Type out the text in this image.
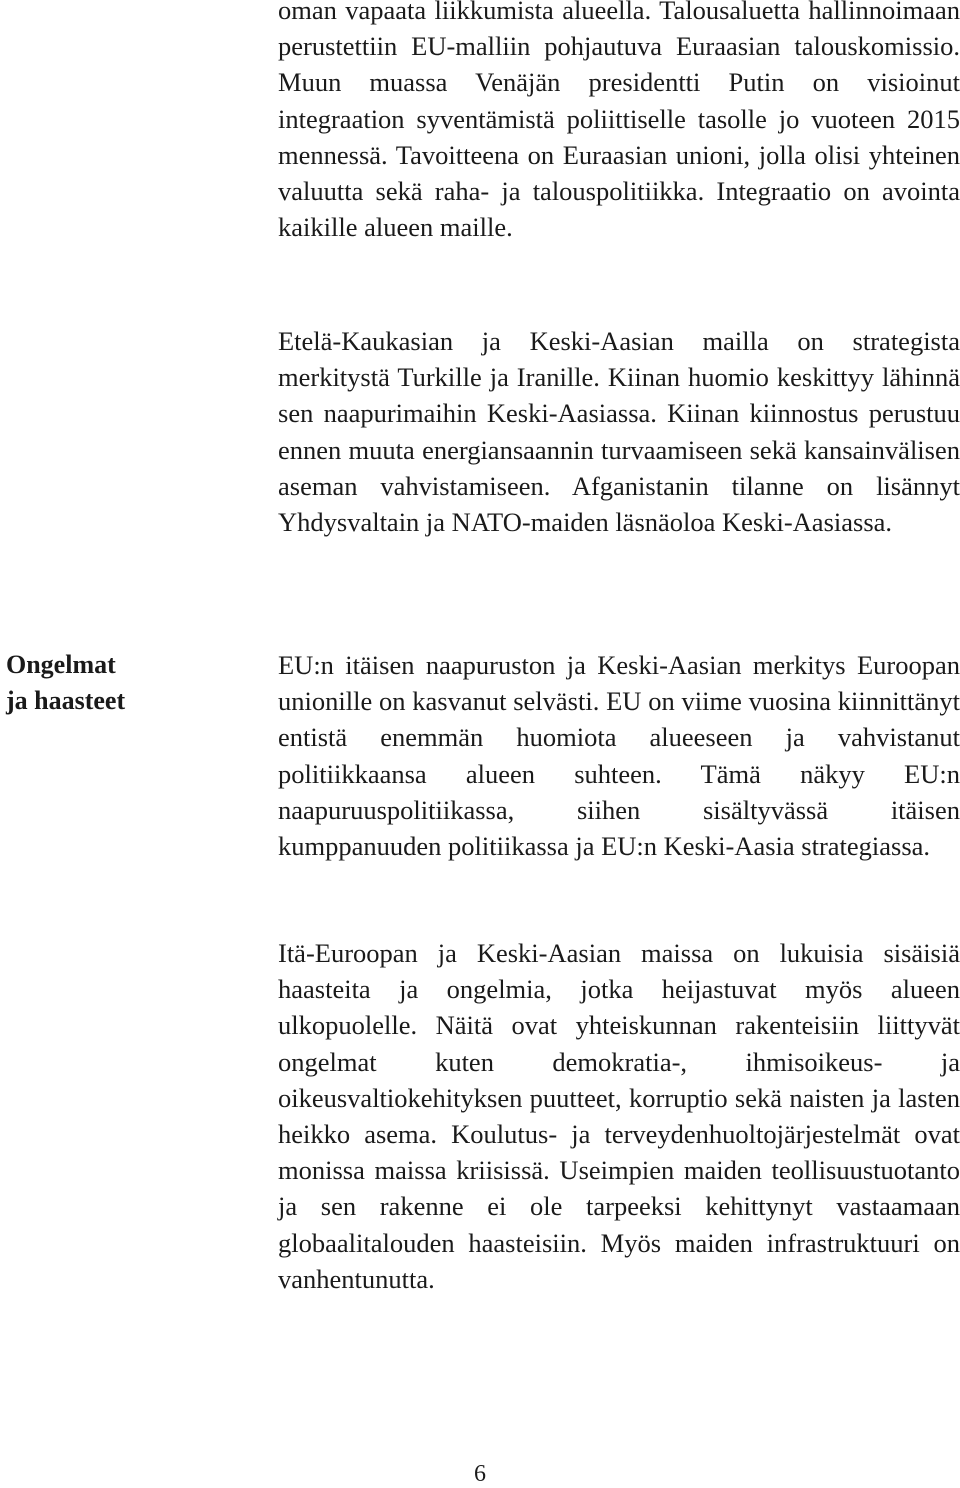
oman vapaata liikkumista alueella. Talousaluetta hallinnoimaan perustettiin EU-malliin pohjautuva Euraasian talouskomissio. Muun muassa Venäjän presidentti Putin on visioinut integraation syventämistä poliittiselle tasolle jo vuoteen 2015 mennessä. Tavoitteena on Euraasian unioni, jolla olisi yhteinen valuutta sekä raha- ja talouspolitiikka. Integraatio on avointa kaikille alueen maille.

Etelä-Kaukasian ja Keski-Aasian mailla on strategista merkitystä Turkille ja Iranille. Kiinan huomio keskittyy lähinnä sen naapurimaihin Keski-Aasiassa. Kiinan kiinnostus perustuu ennen muuta energiansaannin turvaamiseen sekä kansainvälisen aseman vahvistamiseen. Afganistanin tilanne on lisännyt Yhdysvaltain ja NATO-maiden läsnäoloa Keski-Aasiassa.

Ongelmat
ja haasteet

EU:n itäisen naapuruston ja Keski-Aasian merkitys Euroopan unionille on kasvanut selvästi. EU on viime vuosina kiinnittänyt entistä enemmän huomiota alueeseen ja vahvistanut politiikkaansa alueen suhteen. Tämä näkyy EU:n naapuruuspolitiikassa, siihen sisältyvässä itäisen kumppanuuden politiikassa ja EU:n Keski-Aasia strategiassa.

Itä-Euroopan ja Keski-Aasian maissa on lukuisia sisäisiä haasteita ja ongelmia, jotka heijastuvat myös alueen ulkopuolelle. Näitä ovat yhteiskunnan rakenteisiin liittyvät ongelmat kuten demokratia-, ihmisoikeus- ja oikeusvaltiokehityksen puutteet, korruptio sekä naisten ja lasten heikko asema. Koulutus- ja terveydenhuoltojärjestelmät ovat monissa maissa kriisissä. Useimpien maiden teollisuustuotanto ja sen rakenne ei ole tarpeeksi kehittynyt vastaamaan globaalitalouden haasteisiin. Myös maiden infrastruktuuri on vanhentunutta.

6
